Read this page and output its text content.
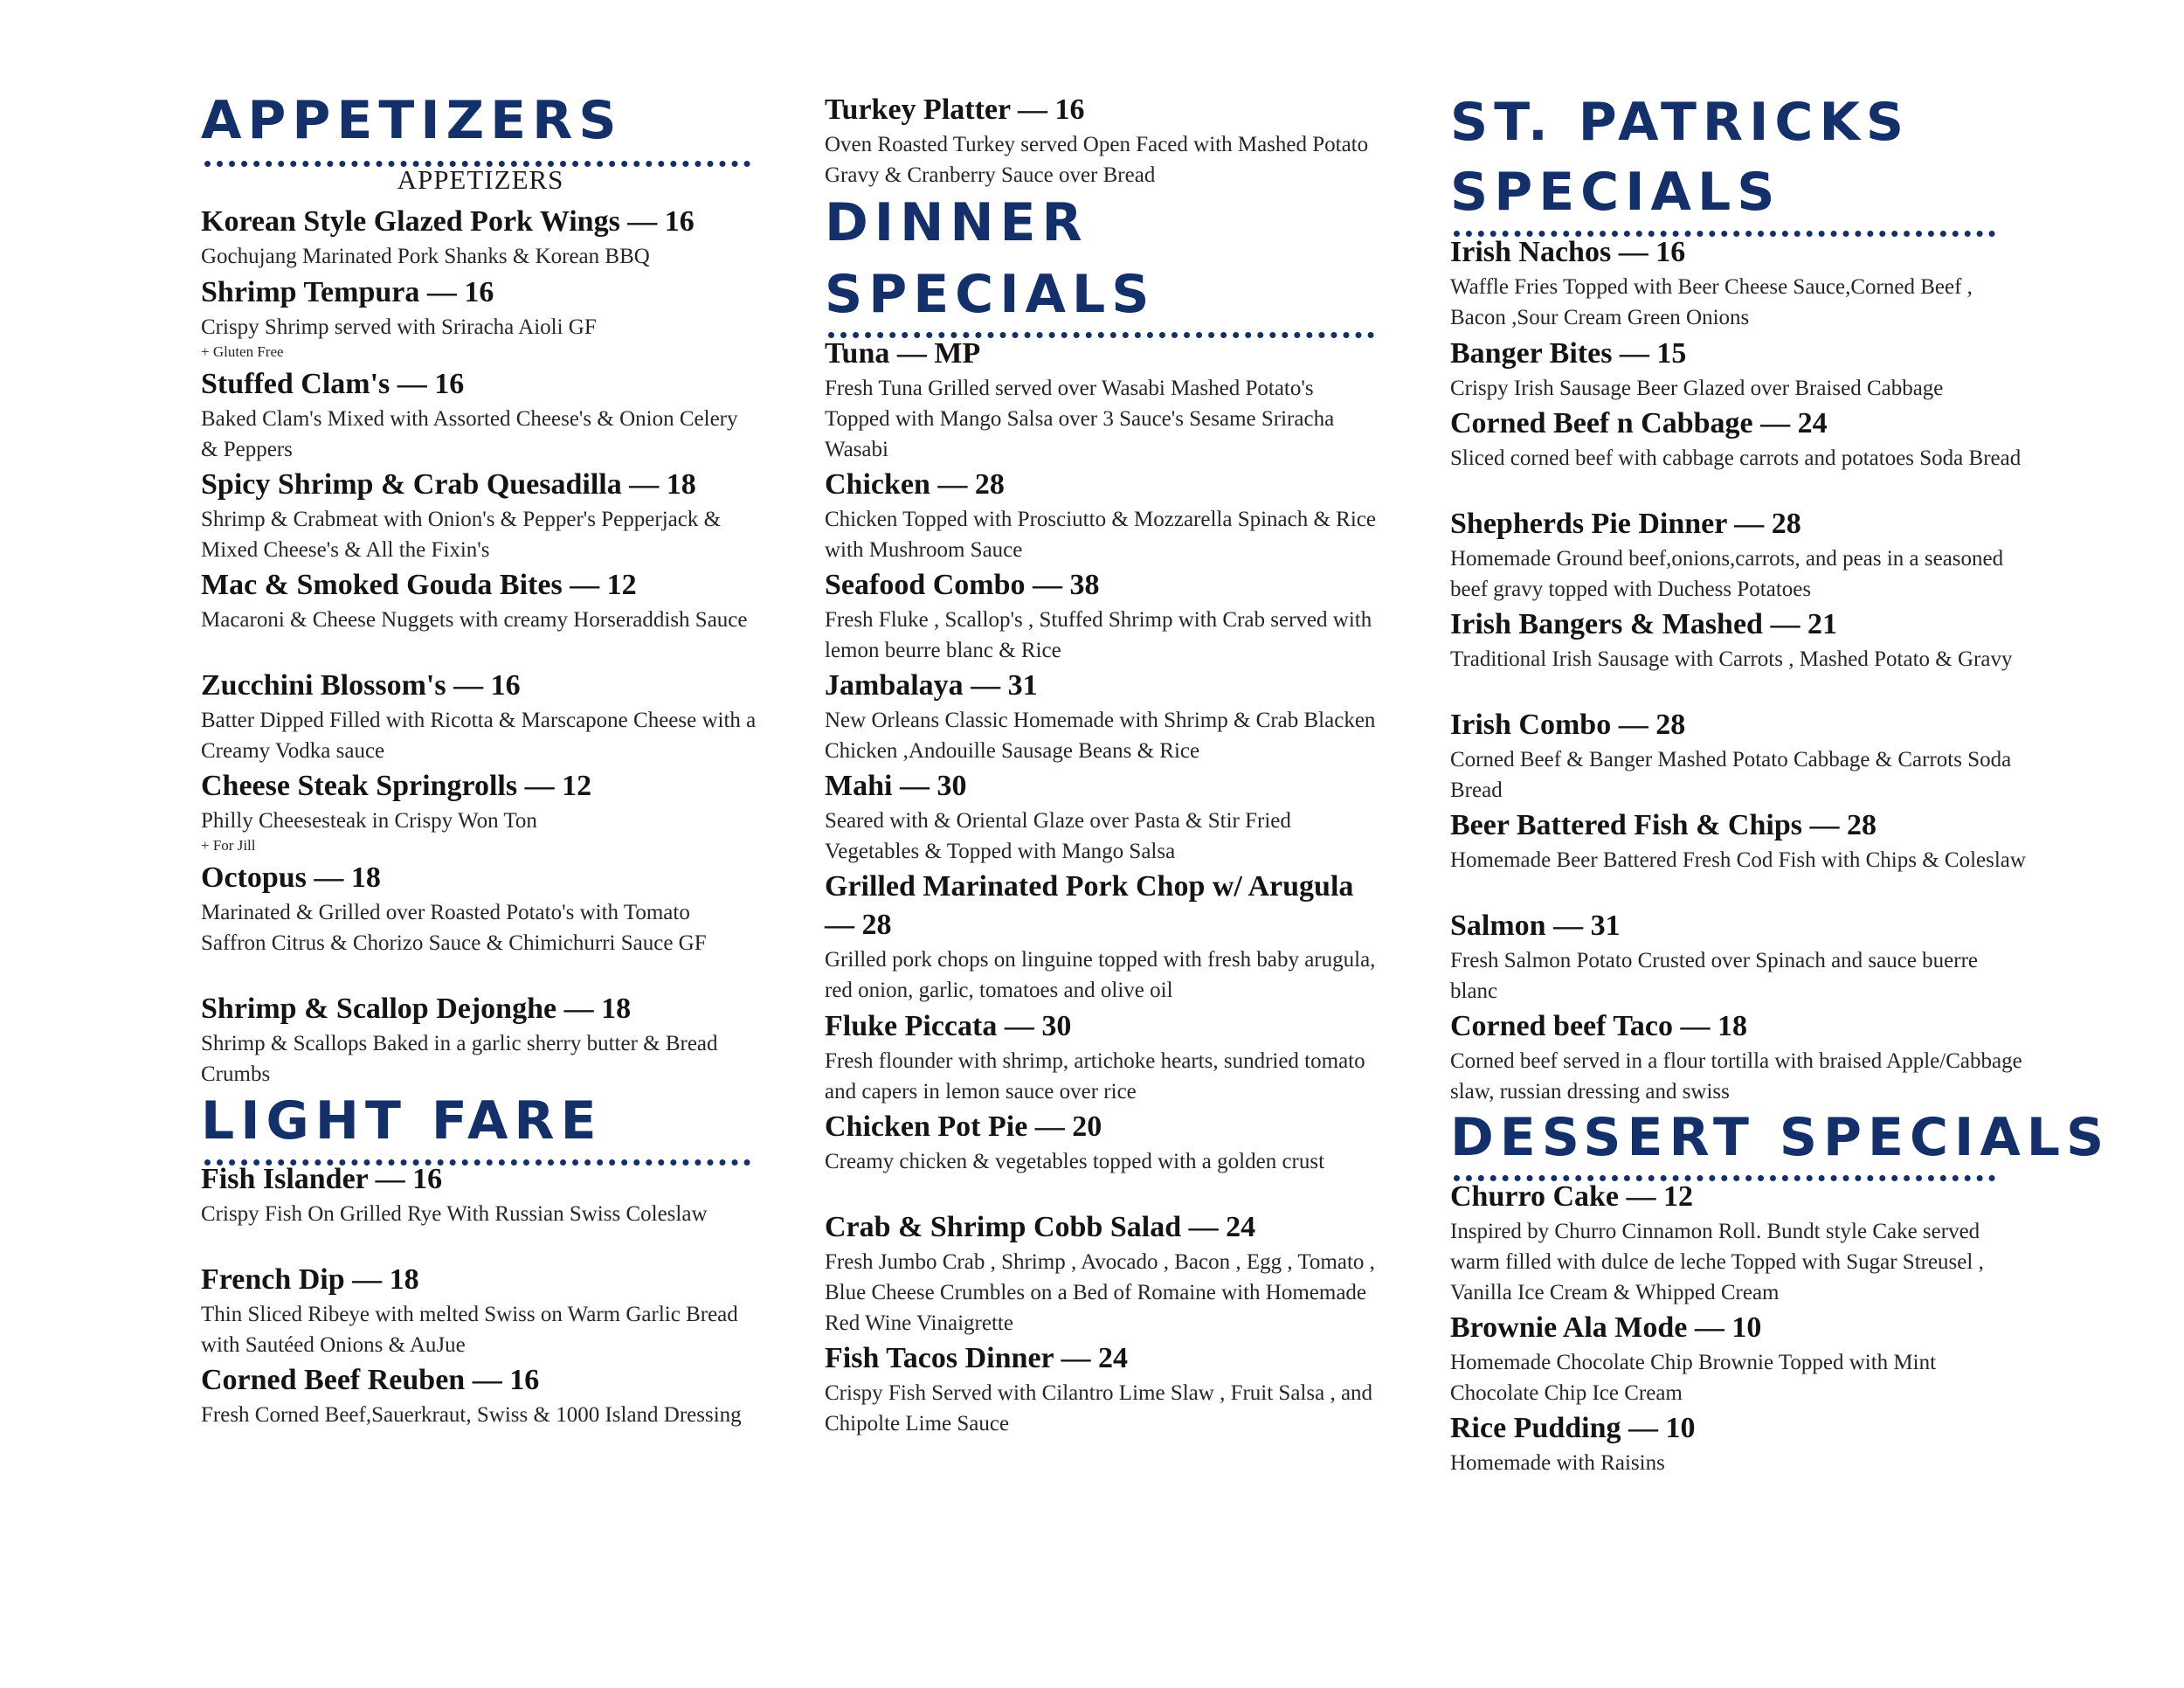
APPETIZERS
APPETIZERS
Korean Style Glazed Pork Wings — 16
Gochujang Marinated Pork Shanks & Korean BBQ
Shrimp Tempura — 16
Crispy Shrimp served with Sriracha Aioli GF
+ Gluten Free
Stuffed Clam's — 16
Baked Clam's Mixed with Assorted Cheese's & Onion Celery & Peppers
Spicy Shrimp & Crab Quesadilla — 18
Shrimp & Crabmeat with Onion's & Pepper's Pepperjack & Mixed Cheese's & All the Fixin's
Mac & Smoked Gouda Bites — 12
Macaroni & Cheese Nuggets with creamy Horseraddish Sauce
Zucchini Blossom's — 16
Batter Dipped Filled with Ricotta & Marscapone Cheese with a Creamy Vodka sauce
Cheese Steak Springrolls — 12
Philly Cheesesteak in Crispy Won Ton
+ For Jill
Octopus — 18
Marinated & Grilled over Roasted Potato's with Tomato Saffron Citrus & Chorizo Sauce & Chimichurri Sauce GF
Shrimp & Scallop Dejonghe — 18
Shrimp & Scallops Baked in a garlic sherry butter & Bread Crumbs
LIGHT FARE
Fish Islander — 16
Crispy Fish On Grilled Rye With Russian Swiss Coleslaw
French Dip — 18
Thin Sliced Ribeye with melted Swiss on Warm Garlic Bread with Sautéed Onions & AuJue
Corned Beef Reuben — 16
Fresh Corned Beef,Sauerkraut, Swiss & 1000 Island Dressing
Turkey Platter — 16
Oven Roasted Turkey served Open Faced with Mashed Potato Gravy & Cranberry Sauce over Bread
DINNER
SPECIALS
Tuna — MP
Fresh Tuna Grilled served over Wasabi Mashed Potato's Topped with Mango Salsa over 3 Sauce's Sesame Sriracha Wasabi
Chicken — 28
Chicken Topped with Prosciutto & Mozzarella Spinach & Rice with Mushroom Sauce
Seafood Combo — 38
Fresh Fluke , Scallop's , Stuffed Shrimp with Crab served with lemon beurre blanc & Rice
Jambalaya — 31
New Orleans Classic Homemade with Shrimp & Crab Blacken Chicken ,Andouille Sausage Beans & Rice
Mahi — 30
Seared with & Oriental Glaze over Pasta & Stir Fried Vegetables & Topped with Mango Salsa
Grilled Marinated Pork Chop w/ Arugula — 28
Grilled pork chops on linguine topped with fresh baby arugula, red onion, garlic, tomatoes and olive oil
Fluke Piccata — 30
Fresh flounder with shrimp, artichoke hearts, sundried tomato and capers in lemon sauce over rice
Chicken Pot Pie — 20
Creamy chicken & vegetables topped with a golden crust
Crab & Shrimp Cobb Salad — 24
Fresh Jumbo Crab , Shrimp , Avocado , Bacon , Egg , Tomato , Blue Cheese Crumbles on a Bed of Romaine with Homemade Red Wine Vinaigrette
Fish Tacos Dinner — 24
Crispy Fish Served with Cilantro Lime Slaw , Fruit Salsa , and Chipolte Lime Sauce
ST. PATRICKS
SPECIALS
Irish Nachos — 16
Waffle Fries Topped with Beer Cheese Sauce,Corned Beef , Bacon ,Sour Cream Green Onions
Banger Bites — 15
Crispy Irish Sausage Beer Glazed over Braised Cabbage
Corned Beef n Cabbage — 24
Sliced corned beef with cabbage carrots and potatoes Soda Bread
Shepherds Pie Dinner — 28
Homemade Ground beef,onions,carrots, and peas in a seasoned beef gravy topped with Duchess Potatoes
Irish Bangers & Mashed — 21
Traditional Irish Sausage with Carrots , Mashed Potato & Gravy
Irish Combo — 28
Corned Beef & Banger Mashed Potato Cabbage & Carrots Soda Bread
Beer Battered Fish & Chips — 28
Homemade Beer Battered Fresh Cod Fish with Chips & Coleslaw
Salmon — 31
Fresh Salmon Potato Crusted over Spinach and sauce buerre blanc
Corned beef Taco — 18
Corned beef served in a flour tortilla with braised Apple/Cabbage slaw, russian dressing and swiss
DESSERT SPECIALS
Churro Cake — 12
Inspired by Churro Cinnamon Roll. Bundt style Cake served warm filled with dulce de leche Topped with Sugar Streusel , Vanilla Ice Cream & Whipped Cream
Brownie Ala Mode — 10
Homemade Chocolate Chip Brownie Topped with Mint Chocolate Chip Ice Cream
Rice Pudding — 10
Homemade with Raisins
